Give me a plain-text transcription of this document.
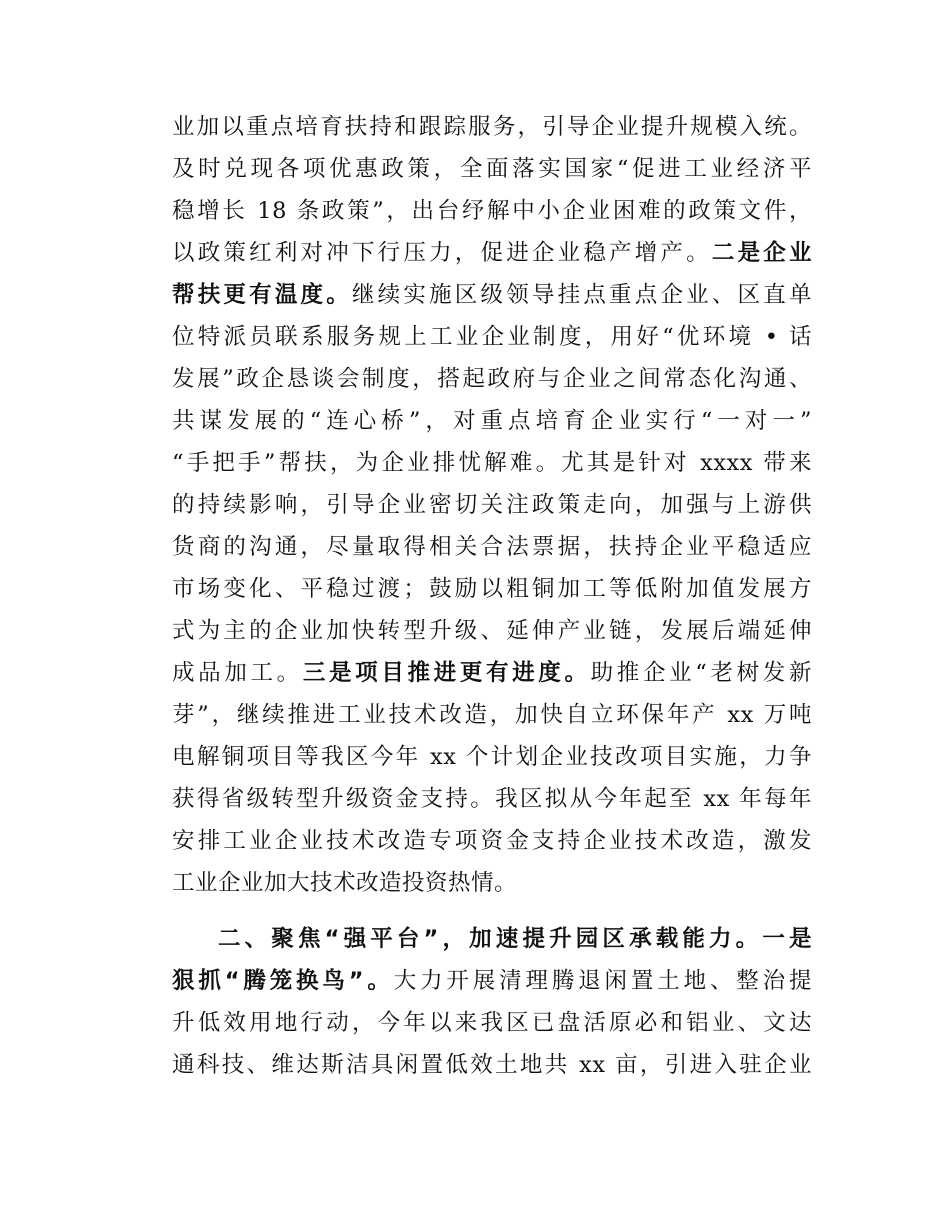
业加以重点培育扶持和跟踪服务，引导企业提升规模入统。
及时兑现各项优惠政策，全面落实国家“促进工业经济平
稳增长 18 条政策”，出台纾解中小企业困难的政策文件，
以政策红利对冲下行压力，促进企业稳产增产。二是企业
帮扶更有温度。继续实施区级领导挂点重点企业、区直单
位特派员联系服务规上工业企业制度，用好“优环境 • 话
发展”政企恳谈会制度，搭起政府与企业之间常态化沟通、
共谋发展的“连心桥”，对重点培育企业实行“一对一”
“手把手”帮扶，为企业排忧解难。尤其是针对 xxxx 带来
的持续影响，引导企业密切关注政策走向，加强与上游供
货商的沟通，尽量取得相关合法票据，扶持企业平稳适应
市场变化、平稳过渡；鼓励以粗铜加工等低附加值发展方
式为主的企业加快转型升级、延伸产业链，发展后端延伸
成品加工。三是项目推进更有进度。助推企业“老树发新
芽”，继续推进工业技术改造，加快自立环保年产 xx 万吨
电解铜项目等我区今年 xx 个计划企业技改项目实施，力争
获得省级转型升级资金支持。我区拟从今年起至 xx 年每年
安排工业企业技术改造专项资金支持企业技术改造，激发
工业企业加大技术改造投资热情。
二、聚焦“强平台”，加速提升园区承载能力。一是
狠抓“腾笼换鸟”。大力开展清理腾退闲置土地、整治提
升低效用地行动，今年以来我区已盘活原必和铝业、文达
通科技、维达斯洁具闲置低效土地共 xx 亩，引进入驻企业
